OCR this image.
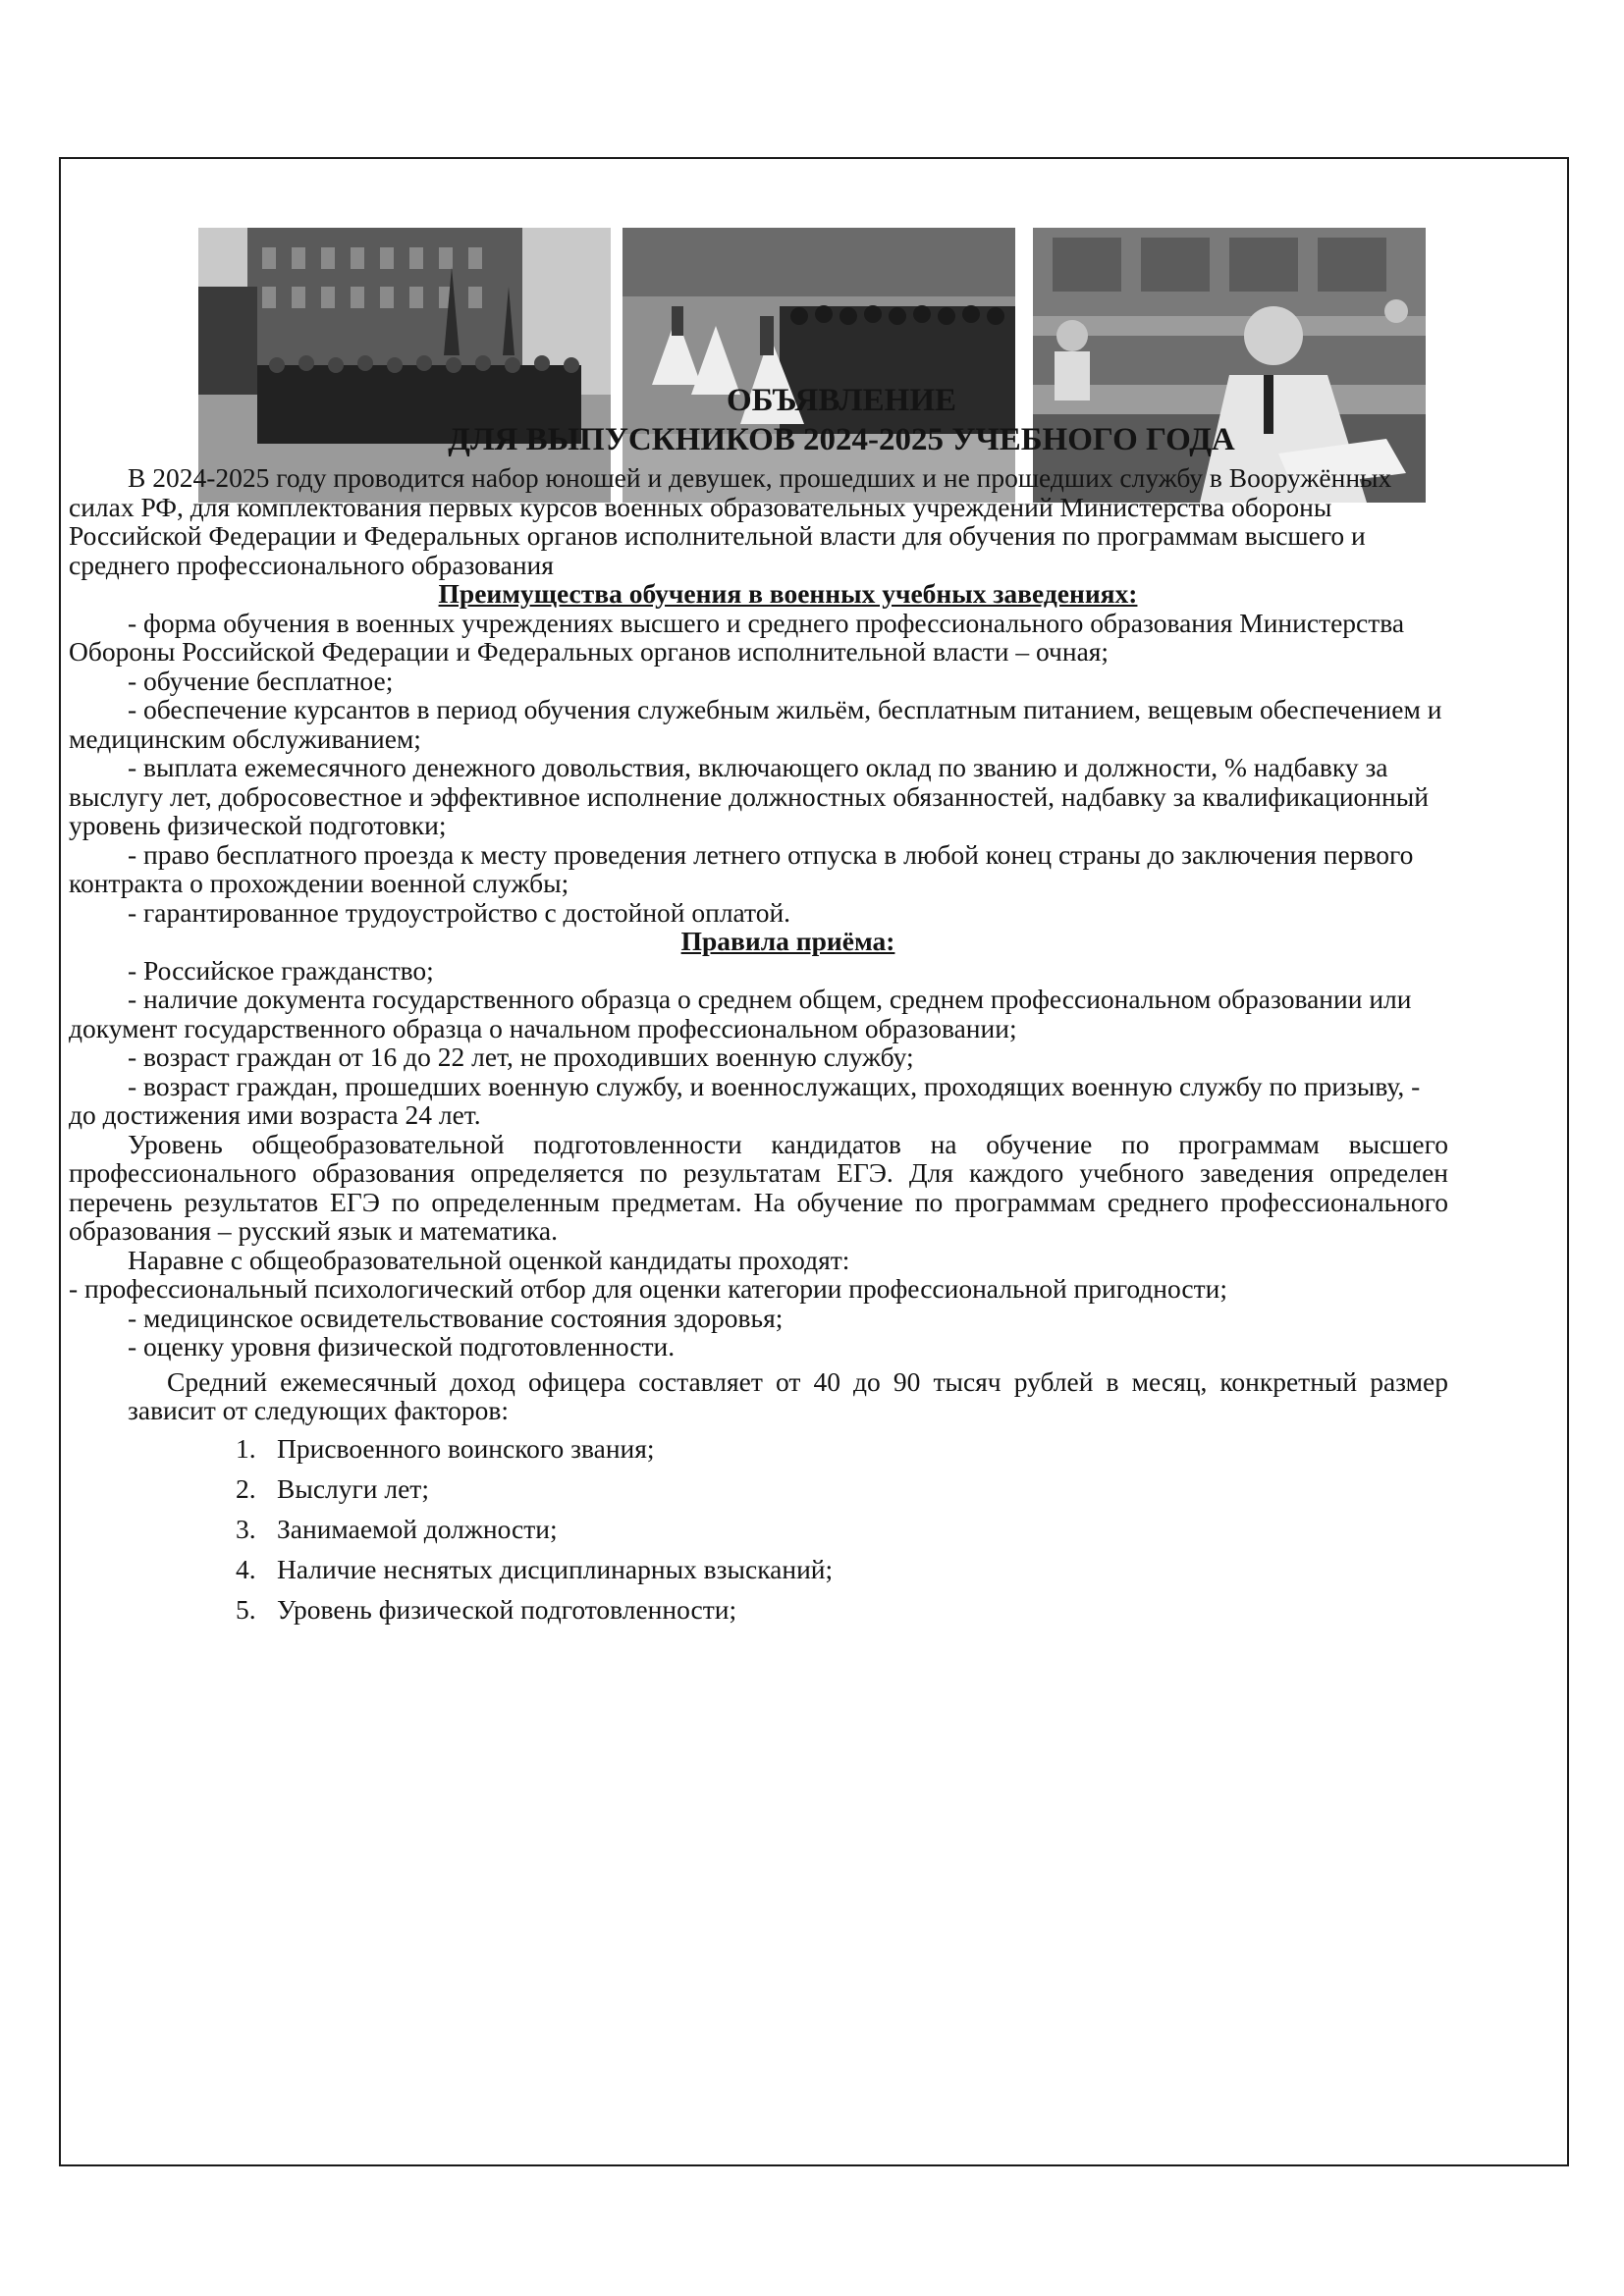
ОБЪЯВЛЕНИЕ
ДЛЯ ВЫПУСКНИКОВ 2024-2025 УЧЕБНОГО ГОДА

В 2024-2025 году проводится набор юношей и девушек, прошедших и не прошедших службу в Вооружённых силах РФ, для комплектования первых курсов военных образовательных учреждений Министерства обороны Российской Федерации и Федеральных органов исполнительной власти для обучения по программам высшего и среднего профессионального образования

Преимущества обучения в военных учебных заведениях:

- форма обучения в военных учреждениях высшего и среднего профессионального образования Министерства Обороны Российской Федерации и Федеральных органов исполнительной власти – очная;

- обучение бесплатное;

- обеспечение курсантов в период обучения служебным жильём, бесплатным питанием, вещевым обеспечением и медицинским обслуживанием;

- выплата ежемесячного денежного довольствия, включающего оклад по званию и должности, % надбавку за выслугу лет, добросовестное и эффективное исполнение должностных обязанностей, надбавку за квалификационный уровень физической подготовки;

- право бесплатного проезда к месту проведения летнего отпуска в любой конец страны до заключения первого контракта о прохождении военной службы;

- гарантированное трудоустройство с достойной оплатой.

Правила приёма:

- Российское гражданство;

- наличие документа государственного образца о среднем общем, среднем профессиональном образовании или документ государственного образца о начальном профессиональном образовании;

- возраст граждан от 16 до 22 лет, не проходивших военную службу;

- возраст граждан, прошедших военную службу, и военнослужащих, проходящих военную службу по призыву, - до достижения ими возраста 24 лет.

Уровень общеобразовательной подготовленности кандидатов на обучение по программам высшего профессионального образования определяется по результатам ЕГЭ. Для каждого учебного заведения определен перечень результатов ЕГЭ по определенным предметам. На обучение по программам среднего профессионального образования – русский язык и математика.

Наравне с общеобразовательной оценкой кандидаты проходят:

- профессиональный психологический отбор для оценки категории профессиональной пригодности;

- медицинское освидетельствование состояния здоровья;

- оценку уровня физической подготовленности.

Средний ежемесячный доход офицера составляет от 40 до 90 тысяч рублей в месяц, конкретный размер зависит от следующих факторов:

1. Присвоенного воинского звания;
2. Выслуги лет;
3. Занимаемой должности;
4. Наличие неснятых дисциплинарных взысканий;
5. Уровень физической подготовленности;
